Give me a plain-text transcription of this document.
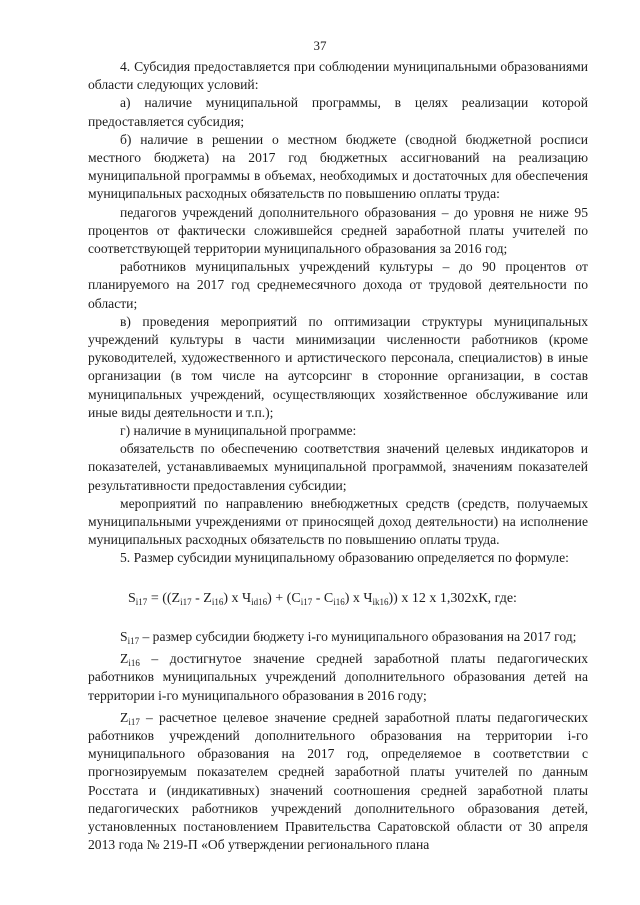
37

4. Субсидия предоставляется при соблюдении муниципальными образованиями области следующих условий:

а) наличие муниципальной программы, в целях реализации которой предоставляется субсидия;

б) наличие в решении о местном бюджете (сводной бюджетной росписи местного бюджета) на 2017 год бюджетных ассигнований на реализацию муниципальной программы в объемах, необходимых и достаточных для обеспечения муниципальных расходных обязательств по повышению оплаты труда:

педагогов учреждений дополнительного образования – до уровня не ниже 95 процентов от фактически сложившейся средней заработной платы учителей по соответствующей территории муниципального образования за 2016 год;

работников муниципальных учреждений культуры – до 90 процентов от планируемого на 2017 год среднемесячного дохода от трудовой деятельности по области;

в) проведения мероприятий по оптимизации структуры муниципальных учреждений культуры в части минимизации численности работников (кроме руководителей, художественного и артистического персонала, специалистов) в иные организации (в том числе на аутсорсинг в сторонние организации, в состав муниципальных учреждений, осуществляющих хозяйственное обслуживание или иные виды деятельности и т.п.);

г) наличие в муниципальной программе:

обязательств по обеспечению соответствия значений целевых индикаторов и показателей, устанавливаемых муниципальной программой, значениям показателей результативности предоставления субсидии;

мероприятий по направлению внебюджетных средств (средств, получаемых муниципальными учреждениями от приносящей доход деятельности) на исполнение муниципальных расходных обязательств по повышению оплаты труда.

5. Размер субсидии муниципальному образованию определяется по формуле:

$S_{i17} = ((Z_{i17} - Z_{i16})$ x $Ч_{id16}) + (C_{i17} - C_{i16})$ x $Ч_{ik16}$)) x 12 x 1,302хК, где:

$S_{i17}$ – размер субсидии бюджету i-го муниципального образования на 2017 год;

$Z_{i16}$ – достигнутое значение средней заработной платы педагогических работников муниципальных учреждений дополнительного образования детей на территории i-го муниципального образования в 2016 году;

$Z_{i17}$ – расчетное целевое значение средней заработной платы педагогических работников учреждений дополнительного образования на территории i-го муниципального образования на 2017 год, определяемое в соответствии с прогнозируемым показателем средней заработной платы учителей по данным Росстата и (индикативных) значений соотношения средней заработной платы педагогических работников учреждений дополнительного образования детей, установленных постановлением Правительства Саратовской области от 30 апреля 2013 года № 219-П «Об утверждении регионального плана
